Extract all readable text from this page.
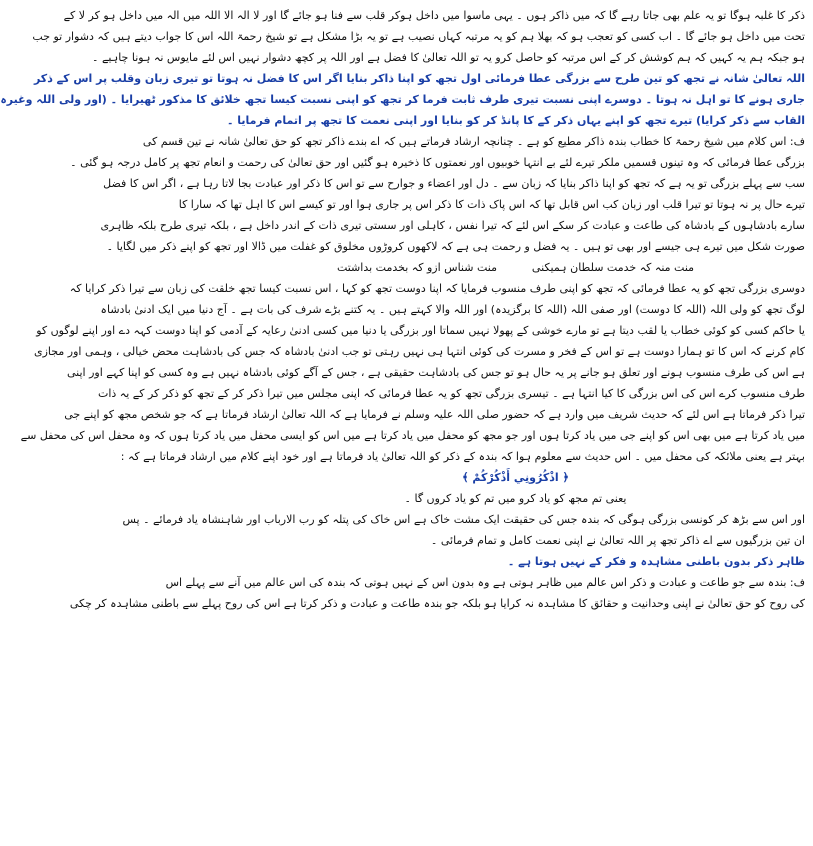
ذکر کا غلبہ ہوگا تو یہ علم بھی جاتا رہے گا کہ میں ذاکر ہوں ۔ یہی ماسوا میں داخل ہوکر قلب سے فنا ہو جائے گا اور لا الہ الا اللہ میں الہ میں داخل ہو کر لا کے
تحت میں داخل ہو جائے گا ۔ اب کسی کو تعجب ہو کہ بھلا ہم کو یہ مرتبہ کہاں نصیب ہے تو یہ بڑا مشکل ہے تو شیخ رحمۃ اللہ اس کا جواب دیتے ہیں کہ دشوار تو جب
ہو جبکہ ہم یہ کہیں کہ ہم کوشش کر کے اس مرتبہ کو حاصل کرو یہ تو اللہ تعالیٰ کا فضل ہے اور اللہ پر کچھ دشوار نہیں اس لئے مایوس نہ ہونا چاہیے ۔
اللہ تعالیٰ شانہ نے تجھ کو تین طرح سے بزرگی عطا فرمائی اول تجھ کو اپنا ذاکر بنایا اگر اس کا فضل نہ ہوتا تو تیری زبان وقلب پر اس کے ذکر
جاری ہونے کا تو اہل نہ ہوتا ۔ دوسرے اپنی نسبت تیری طرف ثابت فرما کر تجھ کو اپنی نسبت کیسا تجھ خلائق کا مذکور ٹھیرایا ۔ (اور ولی اللہ وغیرہ
القاب سے ذکر کرایا) تیرے تجھ کو اپنے یہاں ذکر کے کا پانڈ کر کو بنایا اور اپنی نعمت کا تجھ پر اتمام فرمایا ۔
ف: اس کلام میں شیخ رحمۃ کا خطاب بندہ ذاکر مطیع کو ہے ۔ چنانچہ ارشاد فرماتے ہیں کہ اے بندے ذاکر تجھ کو حق تعالیٰ شانہ نے تین قسم کی
بزرگی عطا فرمائی کہ وہ تینوں قسمیں ملکر تیرے لئے بے انتہا خوبیوں اور نعمتوں کا ذخیرہ ہو گئیں اور حق تعالیٰ کی رحمت و انعام تجھ پر کامل درجہ ہو گئی ۔
سب سے پہلے بزرگی تو یہ ہے کہ تجھ کو اپنا ذاکر بنایا کہ زبان سے ۔ دل اور اعضاء و جوارح سے تو اس کا ذکر اور عبادت بجا لاتا رہا ہے ، اگر اس کا فضل
تیرے حال پر نہ ہوتا تو تیرا قلب اور زبان کب اس قابل تھا کہ اس پاک ذات کا ذکر اس پر جاری ہوا اور تو کیسے اس کا اہل تھا کہ سارا کا
سارے بادشاہوں کے بادشاہ کی طاعت و عبادت کر سکے اس لئے کہ تیرا نفس ، کاہلی اور سستی تیری ذات کے اندر داخل ہے ، بلکہ تیری طرح بلکہ ظاہری
صورت شکل میں تیرے ہی جیسے اور بھی تو ہیں ۔ یہ فضل و رحمت ہی ہے کہ لاکھوں کروڑوں مخلوق کو غفلت میں ڈالا اور تجھ کو اپنے ذکر میں لگایا ۔
منت منہ کہ خدمت سلطان ہمیکنی          منت شناس ازو کہ بخدمت بداشتت
دوسری بزرگی تجھ کو یہ عطا فرمائی کہ تجھ کو اپنی طرف منسوب فرمایا کہ اپنا دوست تجھ کو کہا ، اس نسبت کیسا تجھ خلقت کی زبان سے تیرا ذکر کرایا کہ
لوگ تجھ کو ولی اللہ (اللہ کا دوست) اور صفی اللہ (اللہ کا برگزیدہ) اور اللہ والا کہتے ہیں ۔ یہ کتنے بڑے شرف کی بات ہے ۔ آج دنیا میں ایک ادنیٰ بادشاہ
یا حاکم کسی کو کوئی خطاب یا لقب دیتا ہے تو مارے خوشی کے پھولا نہیں سماتا اور بزرگی یا دنیا میں کسی ادنیٰ رعایہ کے آدمی کو اپنا دوست کہہ دے اور اپنے لوگوں کو
کام کرنے کہ اس کا تو ہمارا دوست ہے تو اس کے فخر و مسرت کی کوئی انتہا ہی نہیں رہتی تو جب ادنیٰ بادشاہ کہ جس کی بادشاہت محض خیالی ، وہمی اور مجازی
ہے اس کی طرف منسوب ہونے اور تعلق ہو جانے پر یہ حال ہو تو جس کی بادشاہت حقیقی ہے ، جس کے آگے کوئی بادشاہ نہیں ہے وہ کسی کو اپنا کہے اور اپنی
طرف منسوب کرے اس کی اس بزرگی کا کیا انتہا ہے ۔ تیسری بزرگی تجھ کو یہ عطا فرمائی کہ اپنی مجلس میں تیرا ذکر کر کے تجھ کو ذکر کر کے یہ ذات
تیرا ذکر فرماتا ہے اس لئے کہ حدیث شریف میں وارد ہے کہ حضور صلی اللہ علیہ وسلم نے فرمایا ہے کہ اللہ تعالیٰ ارشاد فرماتا ہے کہ جو شخص مجھ کو اپنے جی
میں یاد کرتا ہے میں بھی اس کو اپنے جی میں یاد کرتا ہوں اور جو مجھ کو محفل میں یاد کرتا ہے میں اس کو ایسی محفل میں یاد کرتا ہوں کہ وہ محفل اس کی محفل سے
بہتر ہے یعنی ملائکہ کی محفل میں ۔ اس حدیث سے معلوم ہوا کہ بندہ کے ذکر کو اللہ تعالیٰ یاد فرماتا ہے اور خود اپنے کلام میں ارشاد فرماتا ہے کہ :
﴿ اذْكُرُونِي أَذْكُرْكُمْ ﴾
یعنی تم مجھ کو یاد کرو میں تم کو یاد کروں گا ۔
اور اس سے بڑھ کر کونسی بزرگی ہوگی کہ بندہ جس کی حقیقت ایک مشت خاک ہے اس خاک کی پتلہ کو رب الارباب اور شاہنشاہ یاد فرمائے ۔ پس
ان تین بزرگیوں سے اے ذاکر تجھ پر اللہ تعالیٰ نے اپنی نعمت کامل و تمام فرمائی ۔
ظاہر ذکر بدون باطنی مشاہدہ و فکر کے نہیں ہوتا ہے ۔
ف: بندہ سے جو طاعت و عبادت و ذکر اس عالم میں ظاہر ہوتی ہے وہ بدون اس کے نہیں ہوتی کہ بندہ کی اس عالم میں آنے سے پہلے اس
کی روح کو حق تعالیٰ نے اپنی وحدانیت و حقائق کا مشاہدہ نہ کرایا ہو بلکہ جو بندہ طاعت و عبادت و ذکر کرتا ہے اس کی روح پہلے سے باطنی مشاہدہ کر چکی
